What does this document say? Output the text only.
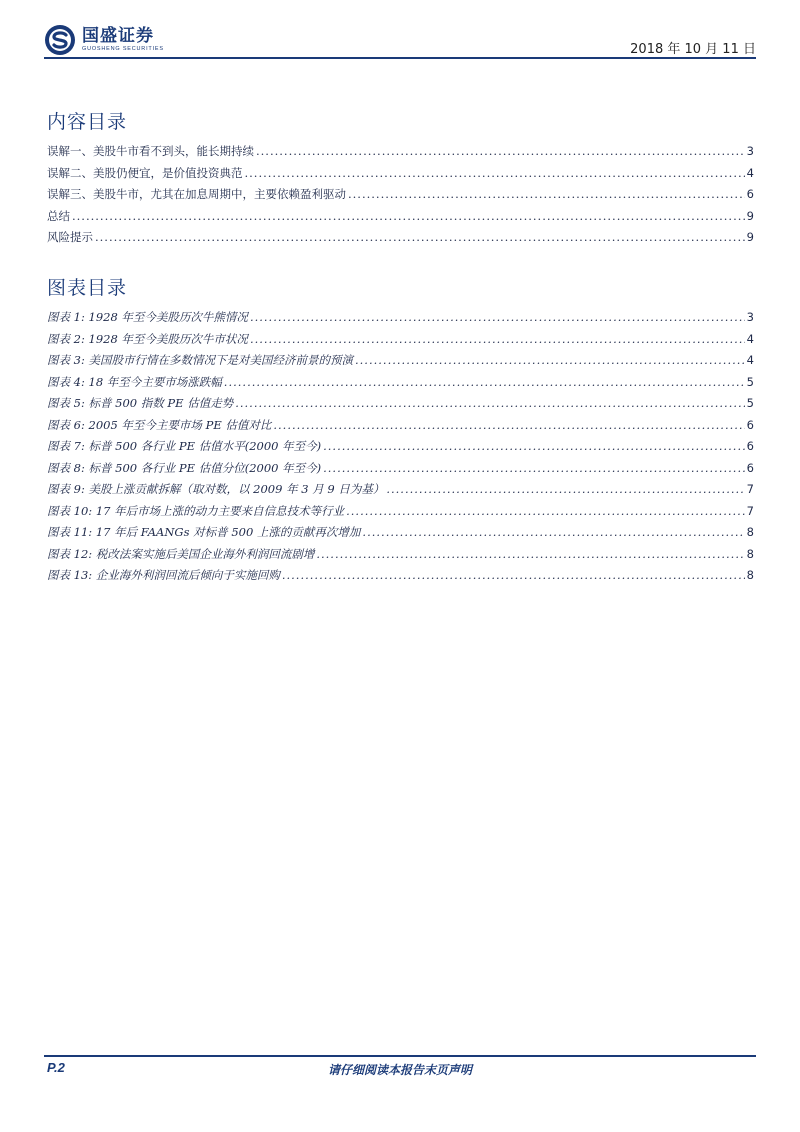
国盛证券
GUOSHENG SECURITIES	2018 年 10 月 11 日
内容目录
误解一、美股牛市看不到头，能长期持续 .....	3
误解二、美股仍便宜，是价值投资典范 .....	4
误解三、美股牛市，尤其在加息周期中，主要依赖盈利驱动 .....	6
总结 .....	9
风险提示 .....	9
图表目录
图表 1: 1928 年至今美股历次牛熊情况 .....	3
图表 2: 1928 年至今美股历次牛市状况 .....	4
图表 3: 美国股市行情在多数情况下是对美国经济前景的预演 .....	4
图表 4: 18 年至今主要市场涨跌幅 .....	5
图表 5: 标普 500 指数 PE 估值走势 .....	5
图表 6: 2005 年至今主要市场 PE 估值对比 .....	6
图表 7: 标普 500 各行业 PE 估值水平(2000 年至今) .....	6
图表 8: 标普 500 各行业 PE 估值分位(2000 年至今) .....	6
图表 9: 美股上涨贡献拆解（取对数，以 2009 年 3 月 9 日为基） .....	7
图表 10: 17 年后市场上涨的动力主要来自信息技术等行业 .....	7
图表 11: 17 年后 FAANGs 对标普 500 上涨的贡献再次增加 .....	8
图表 12: 税改法案实施后美国企业海外利润回流剧增 .....	8
图表 13: 企业海外利润回流后倾向于实施回购 .....	8
P.2	请仔细阅读本报告末页声明
